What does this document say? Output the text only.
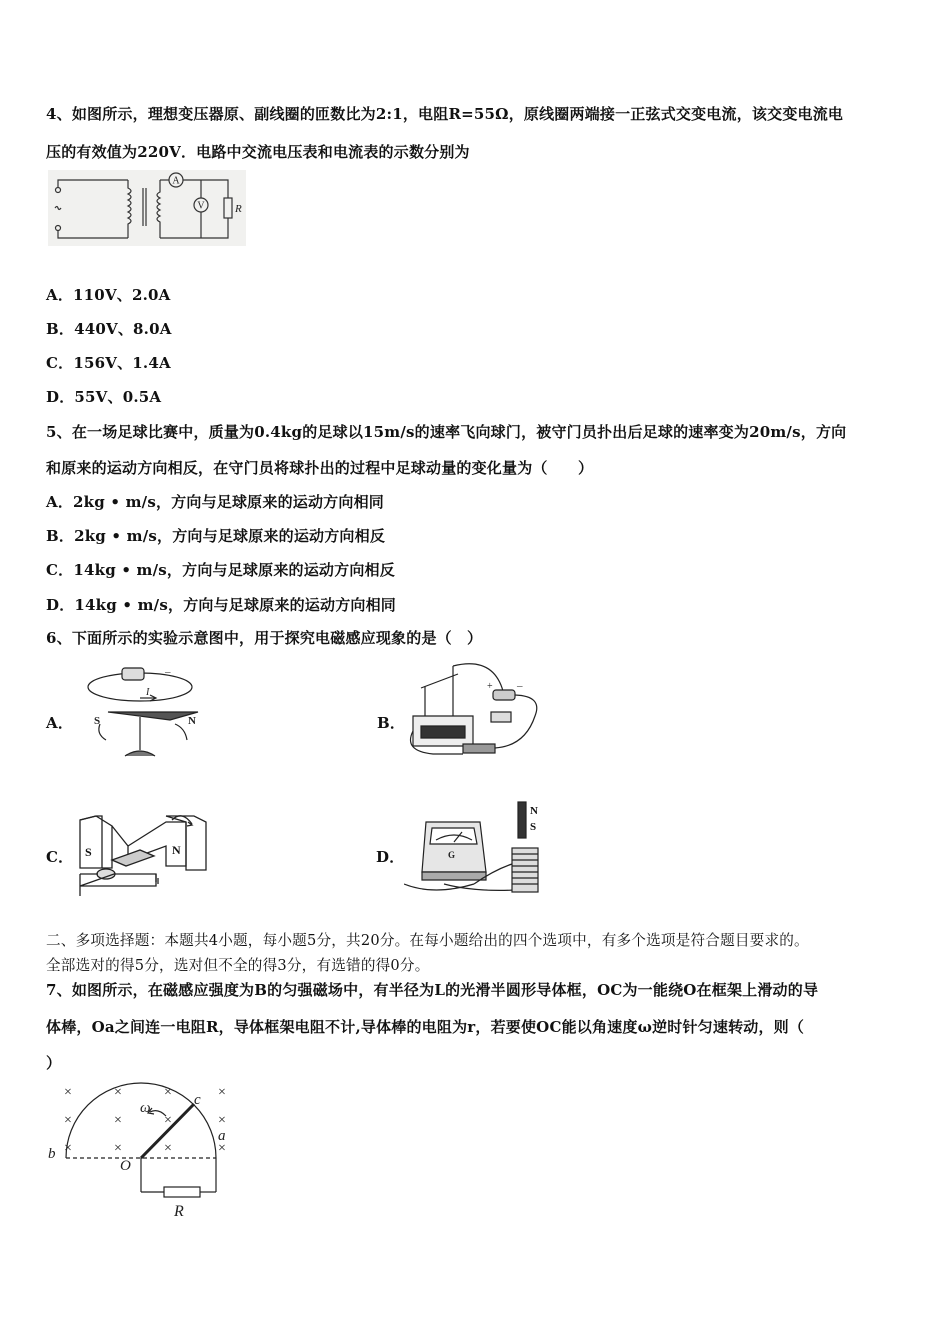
4、如图所示，理想变压器原、副线圈的匝数比为2:1，电阻R=55Ω，原线圈两端接一正弦式交变电流，该交变电流电
压的有效值为220V．电路中交流电压表和电流表的示数分别为
A
V	R
A．110V、2.0A
B．440V、8.0A
C．156V、1.4A
D．55V、0.5A
5、在一场足球比赛中，质量为0.4kg的足球以15m/s的速率飞向球门，被守门员扑出后足球的速率变为20m/s，方向
和原来的运动方向相反，在守门员将球扑出的过程中足球动量的变化量为（　　）
A．2kg • m/s，方向与足球原来的运动方向相同
B．2kg • m/s，方向与足球原来的运动方向相反
C．14kg • m/s，方向与足球原来的运动方向相反
D．14kg • m/s，方向与足球原来的运动方向相同
6、下面所示的实验示意图中，用于探究电磁感应现象的是（　）
A．
–
I
S	N	B．
+ –
C． S	N	D．	G
N
S
二、多项选择题：本题共4小题，每小题5分，共20分。在每小题给出的四个选项中，有多个选项是符合题目要求的。
全部选对的得5分，选对但不全的得3分，有选错的得0分。
7、如图所示，在磁感应强度为B的匀强磁场中，有半径为L的光滑半圆形导体框，OC为一能绕O在框架上滑动的导
体棒，Oa之间连一电阻R，导体框架电阻不计,导体棒的电阻为r，若要使OC能以角速度ω逆时针匀速转动，则（
）
×	×	×	×
×	×	×	×
×	×	×	×
ω	c
a
b
O
R
